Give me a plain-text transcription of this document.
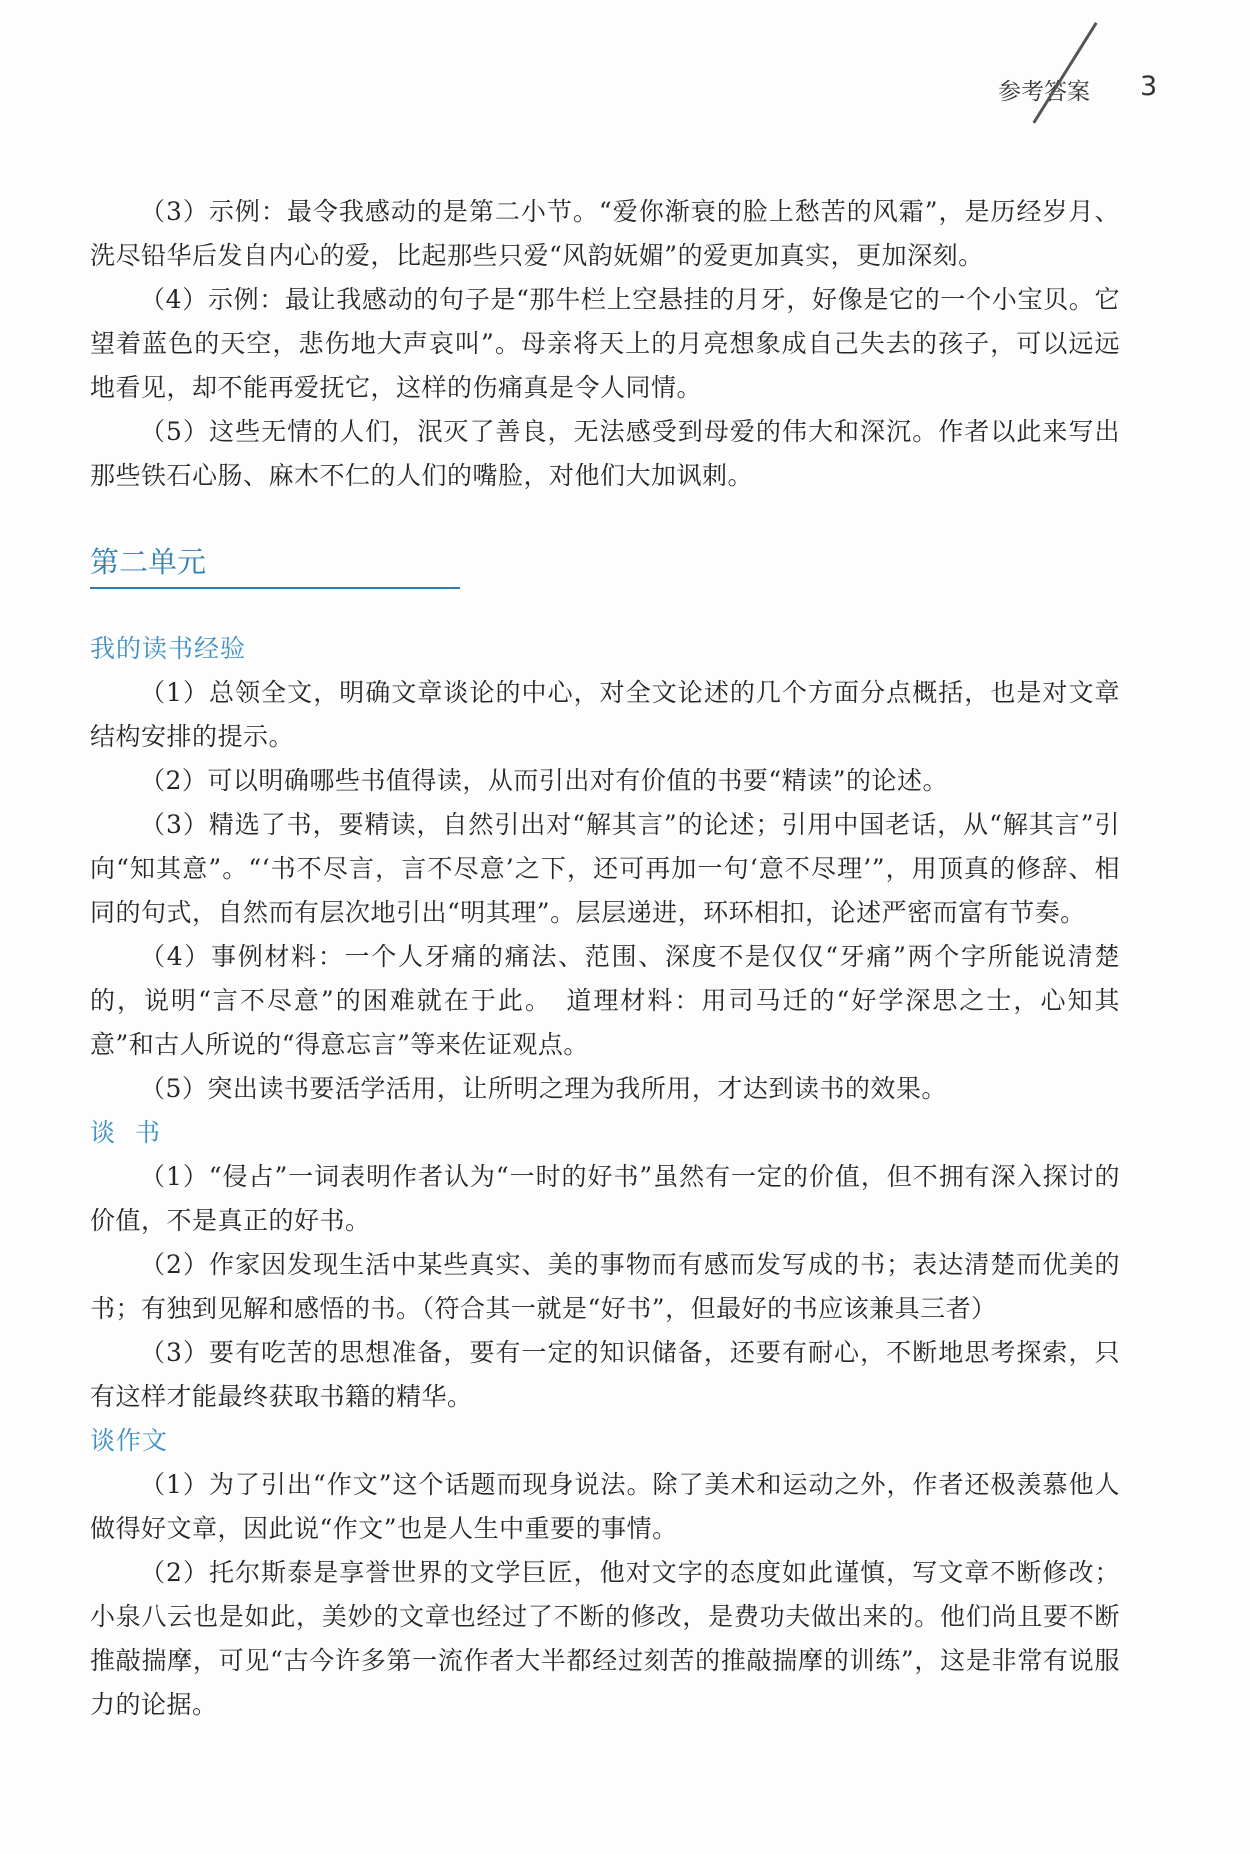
参考答案 3

（3）示例：最令我感动的是第二小节。“爱你渐衰的脸上愁苦的风霜”，是历经岁月、洗尽铅华后发自内心的爱，比起那些只爱“风韵妩媚”的爱更加真实，更加深刻。

（4）示例：最让我感动的句子是“那牛栏上空悬挂的月牙，好像是它的一个小宝贝。它望着蓝色的天空，悲伤地大声哀叫”。母亲将天上的月亮想象成自己失去的孩子，可以远远地看见，却不能再爱抚它，这样的伤痛真是令人同情。

（5）这些无情的人们，泯灭了善良，无法感受到母爱的伟大和深沉。作者以此来写出那些铁石心肠、麻木不仁的人们的嘴脸，对他们大加讽刺。

第二单元

我的读书经验

（1）总领全文，明确文章谈论的中心，对全文论述的几个方面分点概括，也是对文章结构安排的提示。

（2）可以明确哪些书值得读，从而引出对有价值的书要“精读”的论述。

（3）精选了书，要精读，自然引出对“解其言”的论述；引用中国老话，从“解其言”引向“知其意”。“‘书不尽言，言不尽意’之下，还可再加一句‘意不尽理’”，用顶真的修辞、相同的句式，自然而有层次地引出“明其理”。层层递进，环环相扣，论述严密而富有节奏。

（4）事例材料：一个人牙痛的痛法、范围、深度不是仅仅“牙痛”两个字所能说清楚的，说明“言不尽意”的困难就在于此。　道理材料：用司马迁的“好学深思之士，心知其意”和古人所说的“得意忘言”等来佐证观点。

（5）突出读书要活学活用，让所明之理为我所用，才达到读书的效果。

谈书

（1）“侵占”一词表明作者认为“一时的好书”虽然有一定的价值，但不拥有深入探讨的价值，不是真正的好书。

（2）作家因发现生活中某些真实、美的事物而有感而发写成的书；表达清楚而优美的书；有独到见解和感悟的书。（符合其一就是“好书”，但最好的书应该兼具三者）

（3）要有吃苦的思想准备，要有一定的知识储备，还要有耐心，不断地思考探索，只有这样才能最终获取书籍的精华。

谈作文

（1）为了引出“作文”这个话题而现身说法。除了美术和运动之外，作者还极羡慕他人做得好文章，因此说“作文”也是人生中重要的事情。

（2）托尔斯泰是享誉世界的文学巨匠，他对文字的态度如此谨慎，写文章不断修改；小泉八云也是如此，美妙的文章也经过了不断的修改，是费功夫做出来的。他们尚且要不断推敲揣摩，可见“古今许多第一流作者大半都经过刻苦的推敲揣摩的训练”，这是非常有说服力的论据。
